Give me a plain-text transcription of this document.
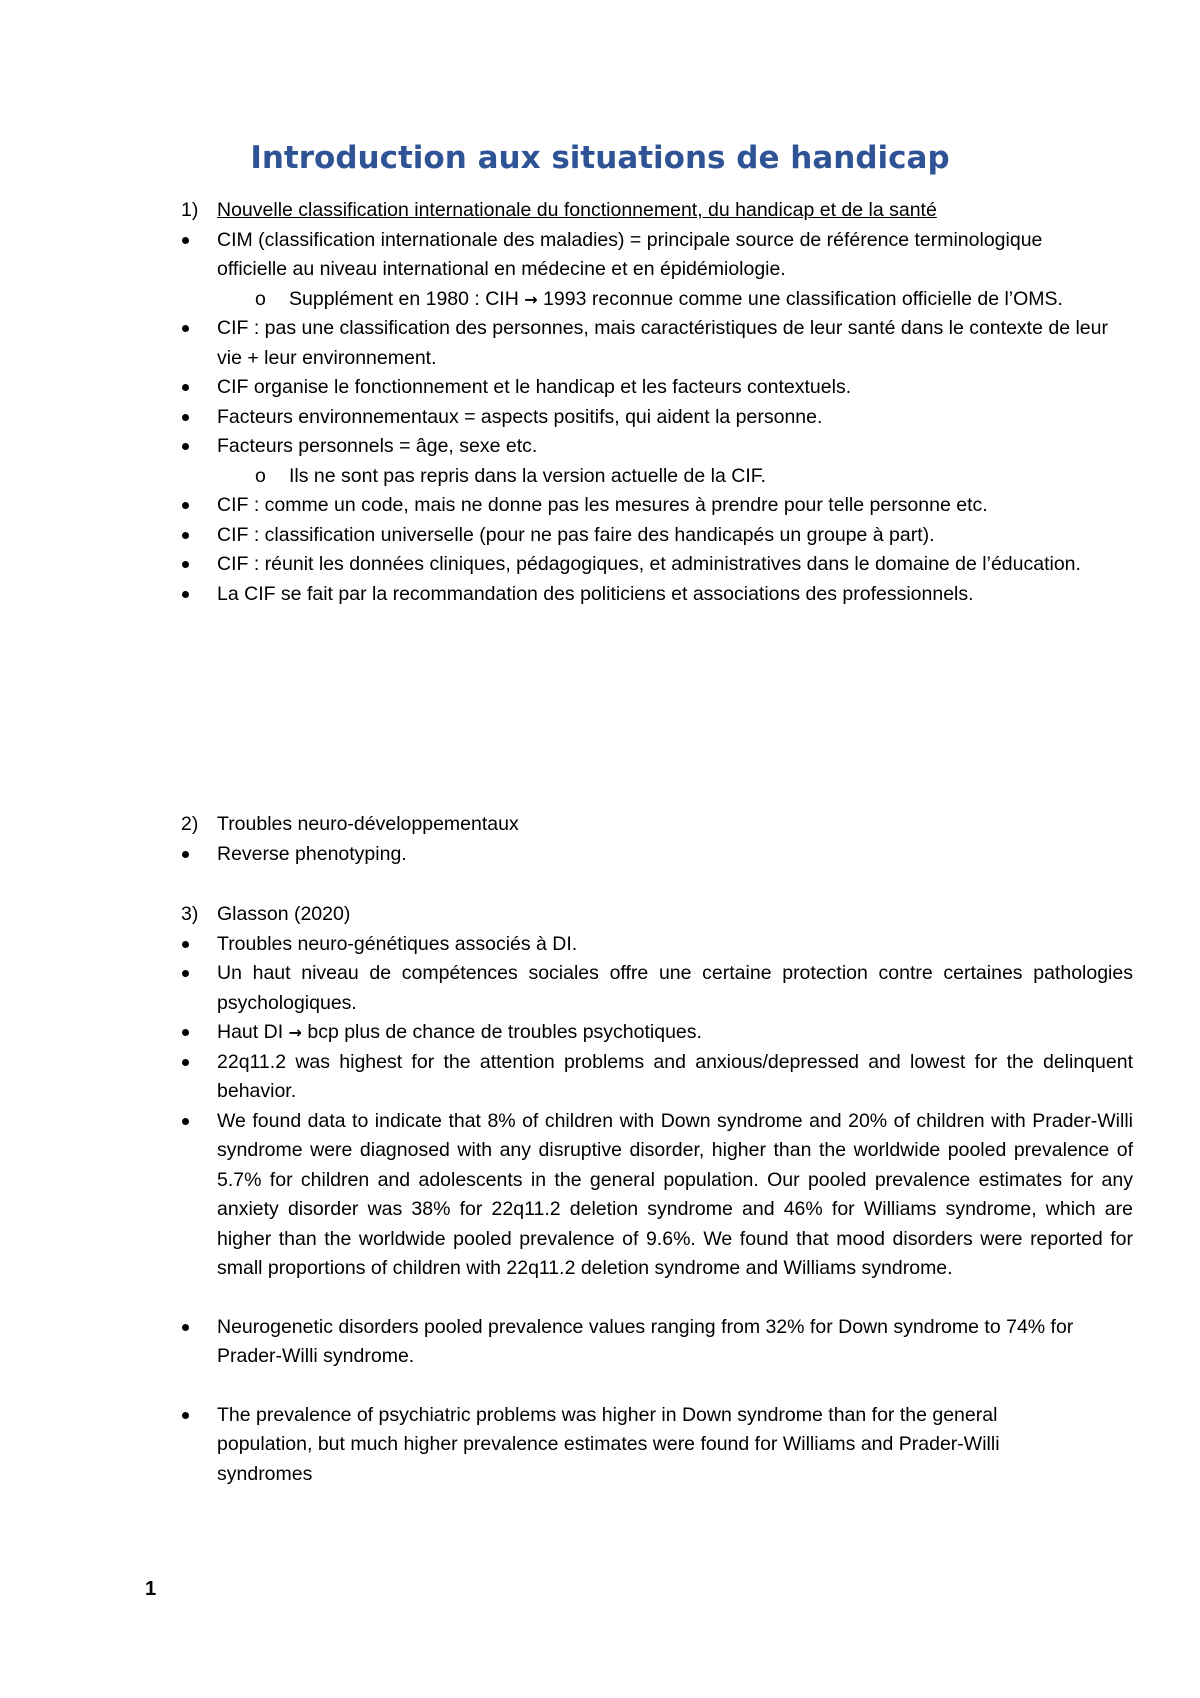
Introduction aux situations de handicap
1) Nouvelle classification internationale du fonctionnement, du handicap et de la santé
CIM (classification internationale des maladies) = principale source de référence terminologique officielle au niveau international en médecine et en épidémiologie.
o Supplément en 1980 : CIH → 1993 reconnue comme une classification officielle de l’OMS.
CIF : pas une classification des personnes, mais caractéristiques de leur santé dans le contexte de leur vie + leur environnement.
CIF organise le fonctionnement et le handicap et les facteurs contextuels.
Facteurs environnementaux = aspects positifs, qui aident la personne.
Facteurs personnels = âge, sexe etc.
o Ils ne sont pas repris dans la version actuelle de la CIF.
CIF : comme un code, mais ne donne pas les mesures à prendre pour telle personne etc.
CIF : classification universelle (pour ne pas faire des handicapés un groupe à part).
CIF : réunit les données cliniques, pédagogiques, et administratives dans le domaine de l’éducation.
La CIF se fait par la recommandation des politiciens et associations des professionnels.
2) Troubles neuro-développementaux
Reverse phenotyping.
3) Glasson (2020)
Troubles neuro-génétiques associés à DI.
Un haut niveau de compétences sociales offre une certaine protection contre certaines pathologies psychologiques.
Haut DI → bcp plus de chance de troubles psychotiques.
22q11.2 was highest for the attention problems and anxious/depressed and lowest for the delinquent behavior.
We found data to indicate that 8% of children with Down syndrome and 20% of children with Prader-Willi syndrome were diagnosed with any disruptive disorder, higher than the worldwide pooled prevalence of 5.7% for children and adolescents in the general population. Our pooled prevalence estimates for any anxiety disorder was 38% for 22q11.2 deletion syndrome and 46% for Williams syndrome, which are higher than the worldwide pooled prevalence of 9.6%. We found that mood disorders were reported for small proportions of children with 22q11.2 deletion syndrome and Williams syndrome.
Neurogenetic disorders pooled prevalence values ranging from 32% for Down syndrome to 74% for Prader-Willi syndrome.
The prevalence of psychiatric problems was higher in Down syndrome than for the general population, but much higher prevalence estimates were found for Williams and Prader-Willi syndromes
1
